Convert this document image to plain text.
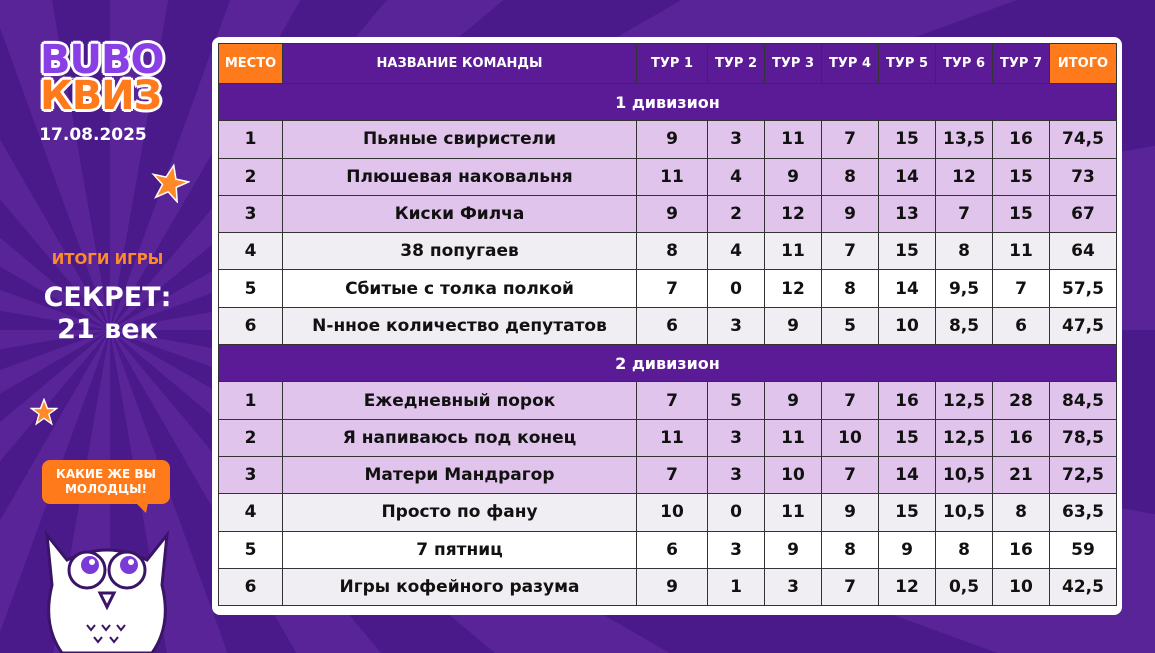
BUBO
КВИЗ
17.08.2025
ИТОГИ ИГРЫ
СЕКРЕТ:
21 век
КАКИЕ ЖЕ ВЫ МОЛОДЦЫ!
МЕСТО	НАЗВАНИЕ КОМАНДЫ	ТУР 1	ТУР 2	ТУР 3	ТУР 4	ТУР 5	ТУР 6	ТУР 7	ИТОГО
1 дивизион									
1	Пьяные свиристели	9	3	11	7	15	13,5	16	74,5
2	Плюшевая наковальня	11	4	9	8	14	12	15	73
3	Киски Филча	9	2	12	9	13	7	15	67
4	38 попугаев	8	4	11	7	15	8	11	64
5	Сбитые с толка полкой	7	0	12	8	14	9,5	7	57,5
6	N-нное количество депутатов	6	3	9	5	10	8,5	6	47,5
2 дивизион									
1	Ежедневный порок	7	5	9	7	16	12,5	28	84,5
2	Я напиваюсь под конец	11	3	11	10	15	12,5	16	78,5
3	Матери Мандрагор	7	3	10	7	14	10,5	21	72,5
4	Просто по фану	10	0	11	9	15	10,5	8	63,5
5	7 пятниц	6	3	9	8	9	8	16	59
6	Игры кофейного разума	9	1	3	7	12	0,5	10	42,5
